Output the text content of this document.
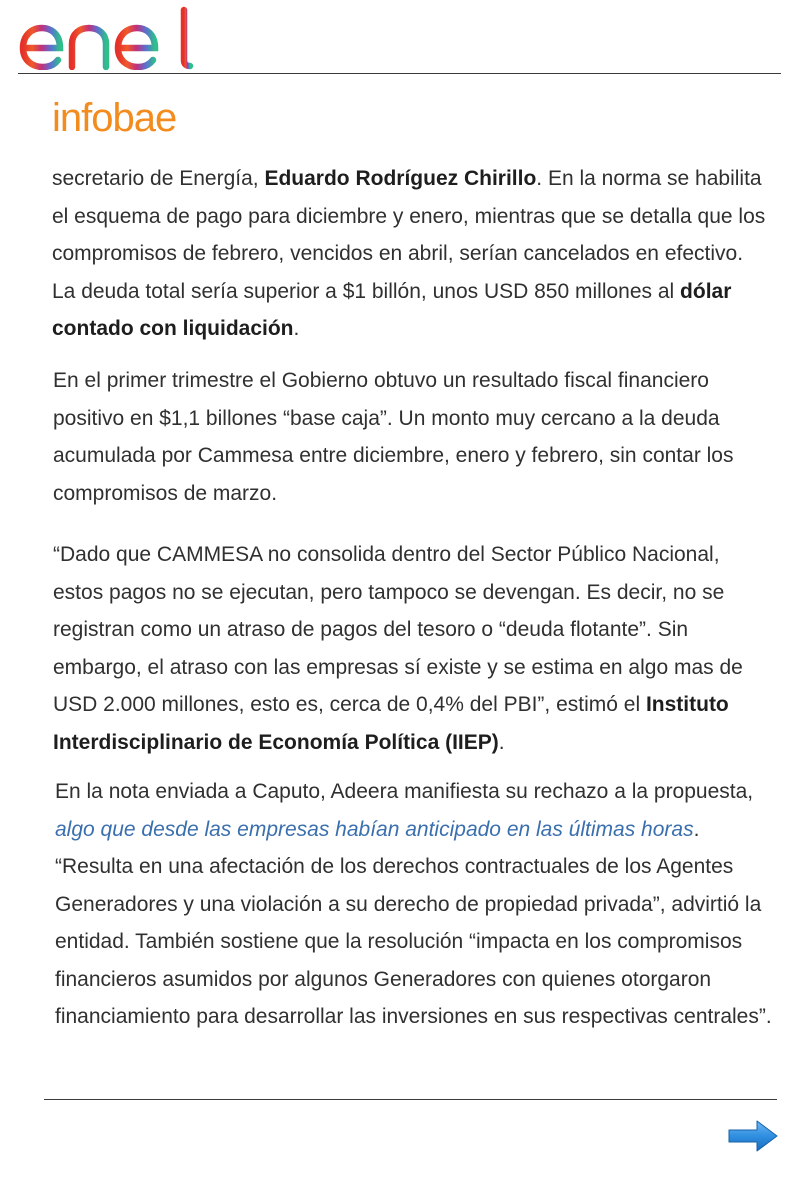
infobae

secretario de Energía, Eduardo Rodríguez Chirillo. En la norma se habilita el esquema de pago para diciembre y enero, mientras que se detalla que los compromisos de febrero, vencidos en abril, serían cancelados en efectivo. La deuda total sería superior a $1 billón, unos USD 850 millones al dólar contado con liquidación.

En el primer trimestre el Gobierno obtuvo un resultado fiscal financiero positivo en $1,1 billones “base caja”. Un monto muy cercano a la deuda acumulada por Cammesa entre diciembre, enero y febrero, sin contar los compromisos de marzo.

“Dado que CAMMESA no consolida dentro del Sector Público Nacional, estos pagos no se ejecutan, pero tampoco se devengan. Es decir, no se registran como un atraso de pagos del tesoro o “deuda flotante”. Sin embargo, el atraso con las empresas sí existe y se estima en algo mas de USD 2.000 millones, esto es, cerca de 0,4% del PBI”, estimó el Instituto Interdisciplinario de Economía Política (IIEP).

En la nota enviada a Caputo, Adeera manifiesta su rechazo a la propuesta, algo que desde las empresas habían anticipado en las últimas horas. “Resulta en una afectación de los derechos contractuales de los Agentes Generadores y una violación a su derecho de propiedad privada”, advirtió la entidad. También sostiene que la resolución “impacta en los compromisos financieros asumidos por algunos Generadores con quienes otorgaron financiamiento para desarrollar las inversiones en sus respectivas centrales”.
